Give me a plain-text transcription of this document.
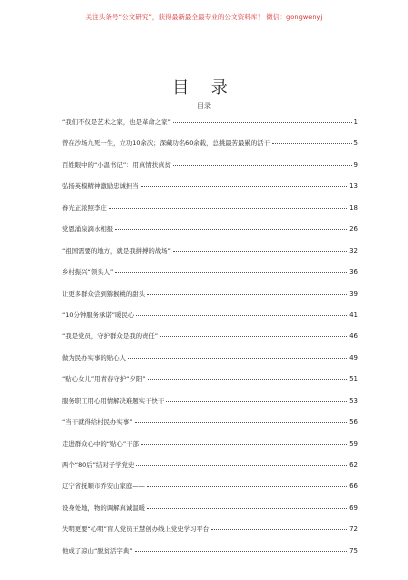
关注头条号“公文研究”，获得最新最全最专业的公文资料库！ 微信：gongwenyj
目 录
目录
“我们不仅是艺术之家，也是革命之家”	1
曾在沙场九死一生，立功10余次；深藏功名60余载，总挑最苦最累的活干	5
百姓眼中的“小温书记”：用真情扶真贫	9
弘扬英模精神激励忠诚担当	13
眷光正浓照李庄	18
党恩涌泉滴水相报	26
“祖国需要的地方，就是我拼搏的战场”	32
乡村振兴“领头人”	36
让更多群众尝到猕猴桃的甜头	39
“10分钟服务承诺”暖民心	41
“我是党员，守护群众是我的责任”	46
做为民办实事的贴心人	49
“贴心女儿”用青春守护“夕阳”	51
服务职工用心用情解决难题实干快干	53
“当干就得给村民办实事”	56
走进群众心中的“贴心”干部	59
两个“80后”结对子学党史	62
辽宁省抚顺市乔安山家庭——	66
设身处地，物的调解真诚温暖	69
失明更要“心明”盲人党员王慧创办线上党史学习平台	72
他成了凉山“脱贫活字典”	75
